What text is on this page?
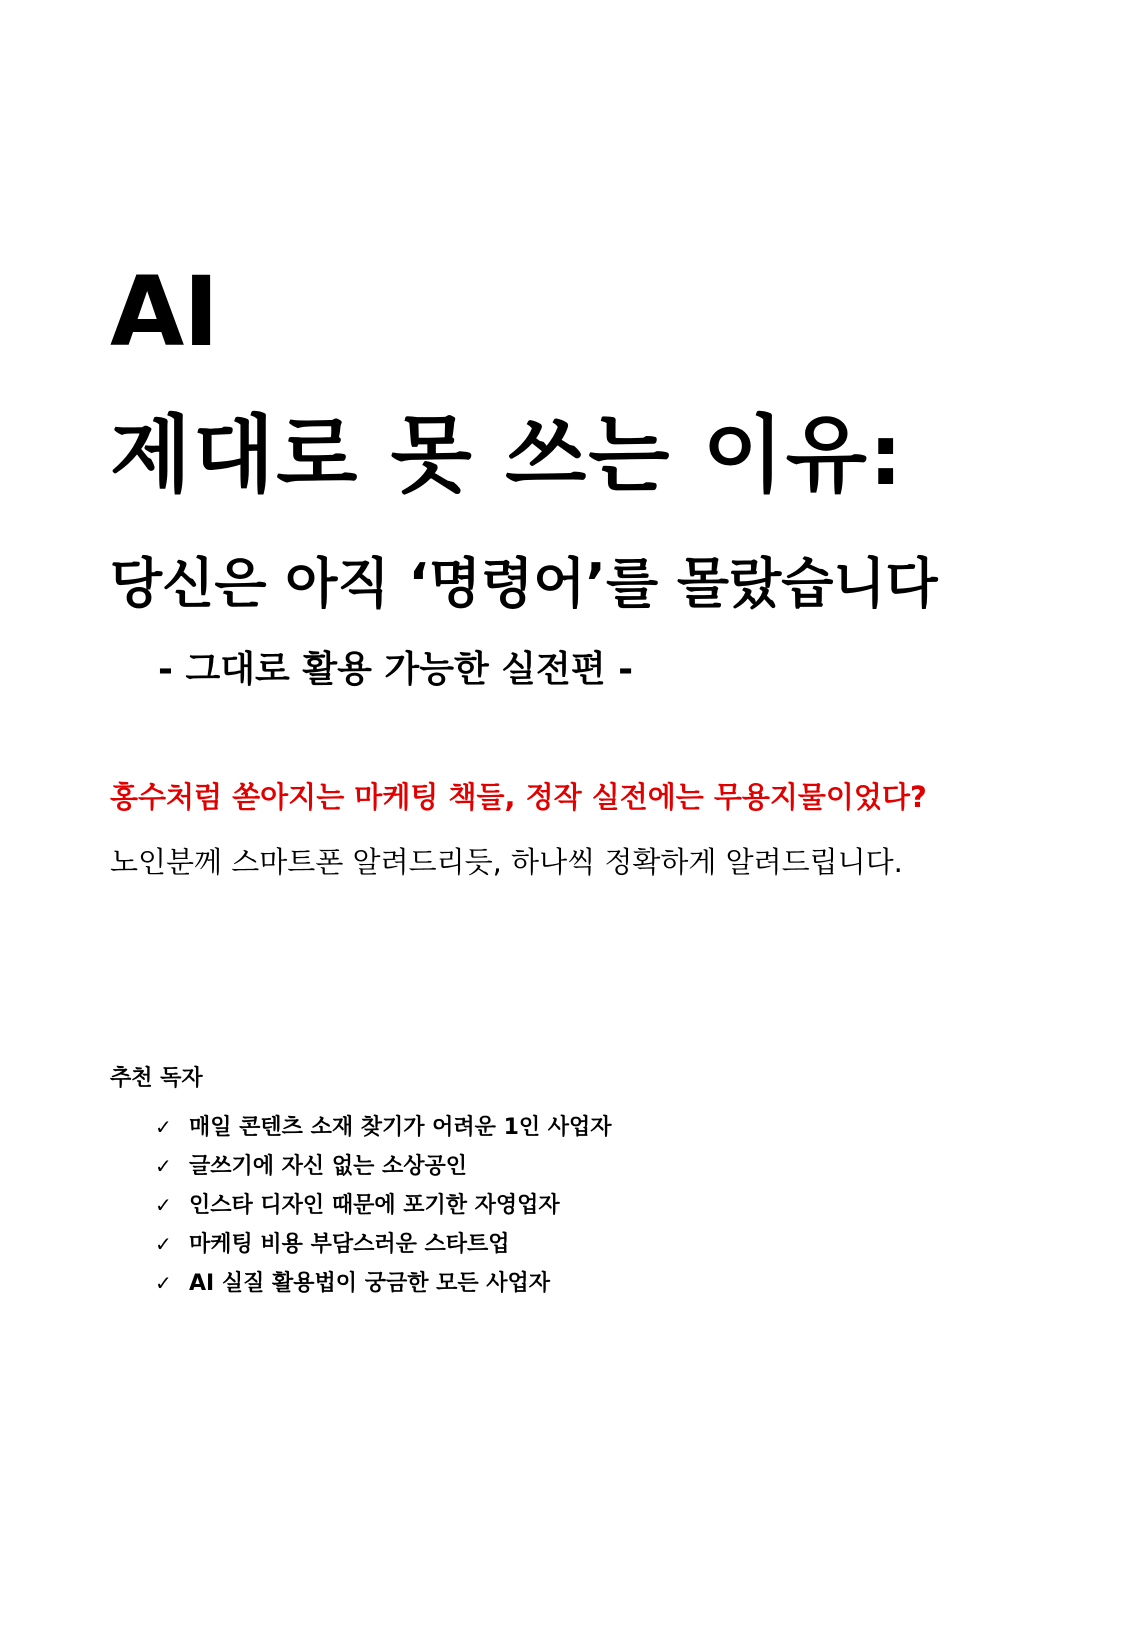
AI
제대로 못 쓰는 이유:
당신은 아직 ‘명령어’를 몰랐습니다
- 그대로 활용 가능한 실전편 -
홍수처럼 쏟아지는 마케팅 책들, 정작 실전에는 무용지물이었다?
노인분께 스마트폰 알려드리듯, 하나씩 정확하게 알려드립니다.
추천 독자
✓ 매일 콘텐츠 소재 찾기가 어려운 1인 사업자
✓ 글쓰기에 자신 없는 소상공인
✓ 인스타 디자인 때문에 포기한 자영업자
✓ 마케팅 비용 부담스러운 스타트업
✓ AI 실질 활용법이 궁금한 모든 사업자
